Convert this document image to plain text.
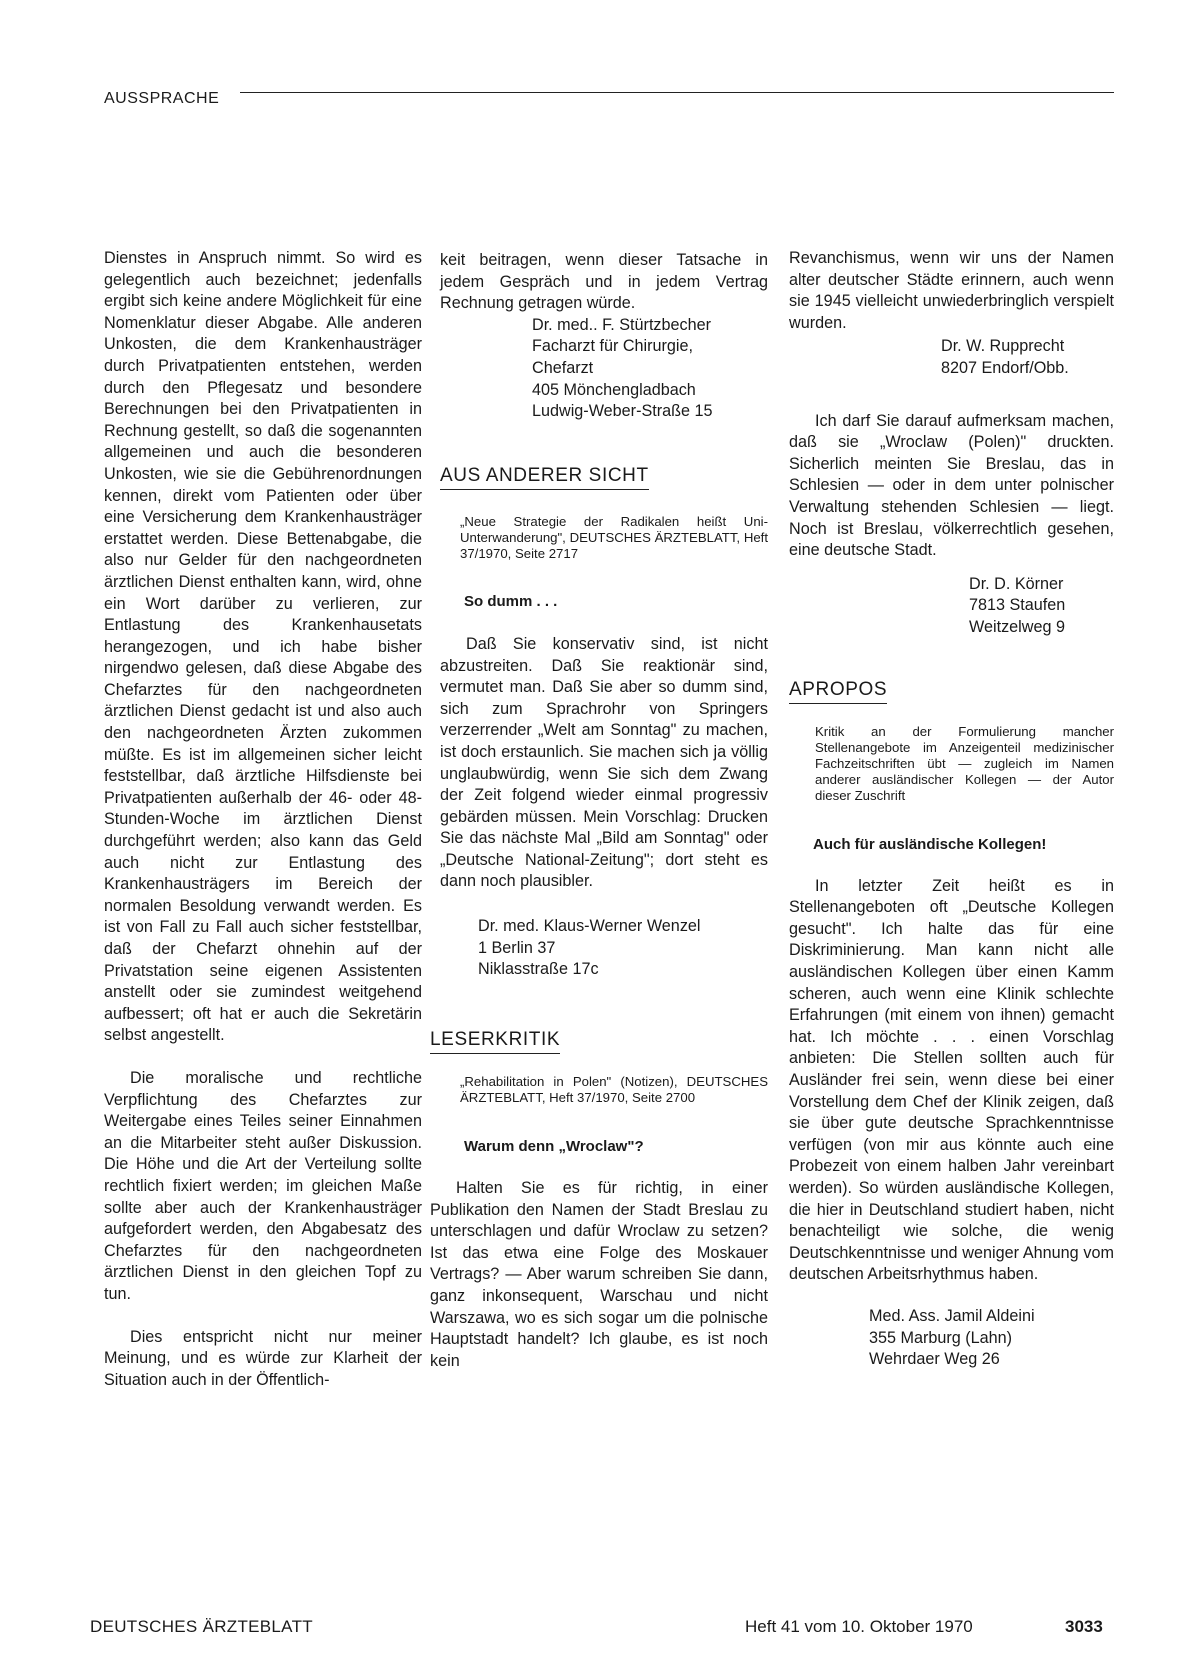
AUSSPRACHE

Dienstes in Anspruch nimmt. So wird es gelegentlich auch bezeichnet; jedenfalls ergibt sich keine andere Möglichkeit für eine Nomenklatur dieser Abgabe. Alle anderen Unkosten, die dem Krankenhausträger durch Privatpatienten entstehen, werden durch den Pflegesatz und besondere Berechnungen bei den Privatpatienten in Rechnung gestellt, so daß die sogenannten allgemeinen und auch die besonderen Unkosten, wie sie die Gebührenordnungen kennen, direkt vom Patienten oder über eine Versicherung dem Krankenhausträger erstattet werden. Diese Bettenabgabe, die also nur Gelder für den nachgeordneten ärztlichen Dienst enthalten kann, wird, ohne ein Wort darüber zu verlieren, zur Entlastung des Krankenhausetats herangezogen, und ich habe bisher nirgendwo gelesen, daß diese Abgabe des Chefarztes für den nachgeordneten ärztlichen Dienst gedacht ist und also auch den nachgeordneten Ärzten zukommen müßte. Es ist im allgemeinen sicher leicht feststellbar, daß ärztliche Hilfsdienste bei Privatpatienten außerhalb der 46- oder 48-Stunden-Woche im ärztlichen Dienst durchgeführt werden; also kann das Geld auch nicht zur Entlastung des Krankenhausträgers im Bereich der normalen Besoldung verwandt werden. Es ist von Fall zu Fall auch sicher feststellbar, daß der Chefarzt ohnehin auf der Privatstation seine eigenen Assistenten anstellt oder sie zumindest weitgehend aufbessert; oft hat er auch die Sekretärin selbst angestellt.

Die moralische und rechtliche Verpflichtung des Chefarztes zur Weitergabe eines Teiles seiner Einnahmen an die Mitarbeiter steht außer Diskussion. Die Höhe und die Art der Verteilung sollte rechtlich fixiert werden; im gleichen Maße sollte aber auch der Krankenhausträger aufgefordert werden, den Abgabesatz des Chefarztes für den nachgeordneten ärztlichen Dienst in den gleichen Topf zu tun.

Dies entspricht nicht nur meiner Meinung, und es würde zur Klarheit der Situation auch in der Öffentlich-

keit beitragen, wenn dieser Tatsache in jedem Gespräch und in jedem Vertrag Rechnung getragen würde.

Dr. med.. F. Stürtzbecher
Facharzt für Chirurgie,
Chefarzt
405 Mönchengladbach
Ludwig-Weber-Straße 15
AUS ANDERER SICHT

„Neue Strategie der Radikalen heißt Uni-Unterwanderung", DEUTSCHES ÄRZTEBLATT, Heft 37/1970, Seite 2717

So dumm . . .

Daß Sie konservativ sind, ist nicht abzustreiten. Daß Sie reaktionär sind, vermutet man. Daß Sie aber so dumm sind, sich zum Sprachrohr von Springers verzerrender „Welt am Sonntag" zu machen, ist doch erstaunlich. Sie machen sich ja völlig unglaubwürdig, wenn Sie sich dem Zwang der Zeit folgend wieder einmal progressiv gebärden müssen. Mein Vorschlag: Drucken Sie das nächste Mal „Bild am Sonntag" oder „Deutsche National-Zeitung"; dort steht es dann noch plausibler.

Dr. med. Klaus-Werner Wenzel
1 Berlin 37
Niklasstraße 17c
LESERKRITIK

„Rehabilitation in Polen" (Notizen), DEUTSCHES ÄRZTEBLATT, Heft 37/1970, Seite 2700

Warum denn „Wroclaw"?

Halten Sie es für richtig, in einer Publikation den Namen der Stadt Breslau zu unterschlagen und dafür Wroclaw zu setzen? Ist das etwa eine Folge des Moskauer Vertrags? — Aber warum schreiben Sie dann, ganz inkonsequent, Warschau und nicht Warszawa, wo es sich sogar um die polnische Hauptstadt handelt? Ich glaube, es ist noch kein

Revanchismus, wenn wir uns der Namen alter deutscher Städte erinnern, auch wenn sie 1945 vielleicht unwiederbringlich verspielt wurden.

Dr. W. Rupprecht
8207 Endorf/Obb.

Ich darf Sie darauf aufmerksam machen, daß sie „Wroclaw (Polen)" druckten. Sicherlich meinten Sie Breslau, das in Schlesien — oder in dem unter polnischer Verwaltung stehenden Schlesien — liegt. Noch ist Breslau, völkerrechtlich gesehen, eine deutsche Stadt.

Dr. D. Körner
7813 Staufen
Weitzelweg 9
APROPOS

Kritik an der Formulierung mancher Stellenangebote im Anzeigenteil medizinischer Fachzeitschriften übt — zugleich im Namen anderer ausländischer Kollegen — der Autor dieser Zuschrift

Auch für ausländische Kollegen!

In letzter Zeit heißt es in Stellenangeboten oft „Deutsche Kollegen gesucht". Ich halte das für eine Diskriminierung. Man kann nicht alle ausländischen Kollegen über einen Kamm scheren, auch wenn eine Klinik schlechte Erfahrungen (mit einem von ihnen) gemacht hat. Ich möchte . . . einen Vorschlag anbieten: Die Stellen sollten auch für Ausländer frei sein, wenn diese bei einer Vorstellung dem Chef der Klinik zeigen, daß sie über gute deutsche Sprachkenntnisse verfügen (von mir aus könnte auch eine Probezeit von einem halben Jahr vereinbart werden). So würden ausländische Kollegen, die hier in Deutschland studiert haben, nicht benachteiligt wie solche, die wenig Deutschkenntnisse und weniger Ahnung vom deutschen Arbeitsrhythmus haben.

Med. Ass. Jamil Aldeini
355 Marburg (Lahn)
Wehrdaer Weg 26
DEUTSCHES ÄRZTEBLATT	Heft 41 vom 10. Oktober 1970	3033
